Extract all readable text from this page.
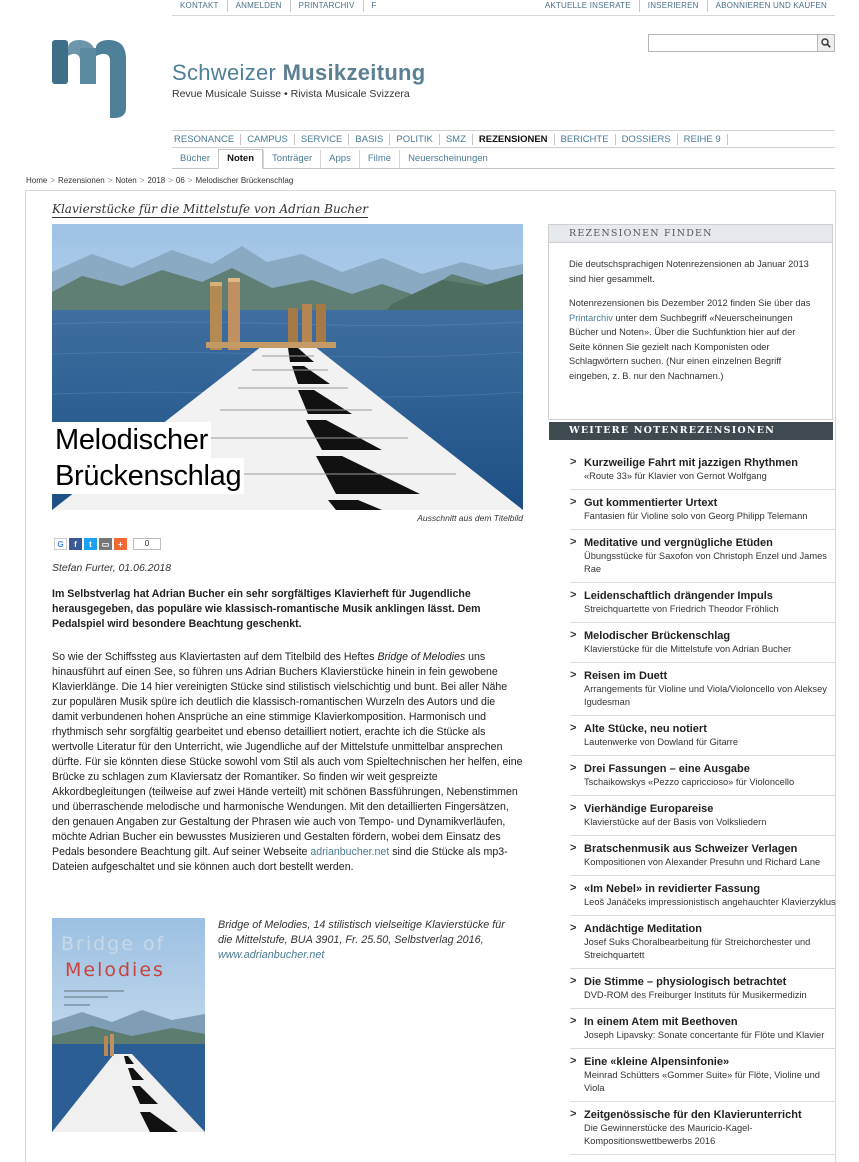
KONTAKT	ANMELDEN	PRINTARCHIV	F	AKTUELLE INSERATE	INSERIEREN	ABONNIEREN UND KAUFEN
Schweizer Musikzeitung
Revue Musicale Suisse • Rivista Musicale Svizzera
RESONANCE	CAMPUS	SERVICE	BASIS	POLITIK	SMZ	REZENSIONEN	BERICHTE	DOSSIERS	REIHE 9
Bücher	Noten	Tonträger	Apps	Filme	Neuerscheinungen
Home > Rezensionen > Noten > 2018 > 06 > Melodischer Brückenschlag
Klavierstücke für die Mittelstufe von Adrian Bucher
Melodischer
Brückenschlag
Ausschnitt aus dem Titelbild
G	f	t	▭	+	0
Stefan Furter, 01.06.2018
Im Selbstverlag hat Adrian Bucher ein sehr sorgfältiges Klavierheft für Jugendliche herausgegeben, das populäre wie klassisch-romantische Musik anklingen lässt. Dem Pedalspiel wird besondere Beachtung geschenkt.
So wie der Schiffssteg aus Klaviertasten auf dem Titelbild des Heftes Bridge of Melodies uns hinausführt auf einen See, so führen uns Adrian Buchers Klavierstücke hinein in fein gewobene Klavierklänge. Die 14 hier vereinigten Stücke sind stilistisch vielschichtig und bunt. Bei aller Nähe zur populären Musik spüre ich deutlich die klassisch-romantischen Wurzeln des Autors und die damit verbundenen hohen Ansprüche an eine stimmige Klavierkomposition. Harmonisch und rhythmisch sehr sorgfältig gearbeitet und ebenso detailliert notiert, erachte ich die Stücke als wertvolle Literatur für den Unterricht, wie Jugendliche auf der Mittelstufe unmittelbar ansprechen dürfte. Für sie könnten diese Stücke sowohl vom Stil als auch vom Spieltechnischen her helfen, eine Brücke zu schlagen zum Klaviersatz der Romantiker. So finden wir weit gespreizte Akkordbegleitungen (teilweise auf zwei Hände verteilt) mit schönen Bassführungen, Nebenstimmen und überraschende melodische und harmonische Wendungen. Mit den detaillierten Fingersätzen, den genauen Angaben zur Gestaltung der Phrasen wie auch von Tempo- und Dynamikverläufen, möchte Adrian Bucher ein bewusstes Musizieren und Gestalten fördern, wobei dem Einsatz des Pedals besondere Beachtung gilt. Auf seiner Webseite adrianbucher.net sind die Stücke als mp3-Dateien aufgeschaltet und sie können auch dort bestellt werden.
Bridge of
Melodies
Bridge of Melodies, 14 stilistisch vielseitige Klavierstücke für die Mittelstufe, BUA 3901, Fr. 25.50, Selbstverlag 2016, www.adrianbucher.net
REZENSIONEN FINDEN

Die deutschsprachigen Notenrezensionen ab Januar 2013 sind hier gesammelt.

Notenrezensionen bis Dezember 2012 finden Sie über das Printarchiv unter dem Suchbegriff «Neuerscheinungen Bücher und Noten». Über die Suchfunktion hier auf der Seite können Sie gezielt nach Komponisten oder Schlagwörtern suchen. (Nur einen einzelnen Begriff eingeben, z. B. nur den Nachnamen.)

WEITERE NOTENREZENSIONEN
> Kurzweilige Fahrt mit jazzigen Rhythmen
«Route 33» für Klavier von Gernot Wolfgang
> Gut kommentierter Urtext
Fantasien für Violine solo von Georg Philipp Telemann
> Meditative und vergnügliche Etüden
Übungsstücke für Saxofon von Christoph Enzel und James Rae
> Leidenschaftlich drängender Impuls
Streichquartette von Friedrich Theodor Fröhlich
> Melodischer Brückenschlag
Klavierstücke für die Mittelstufe von Adrian Bucher
> Reisen im Duett
Arrangements für Violine und Viola/Violoncello von Aleksey Igudesman
> Alte Stücke, neu notiert
Lautenwerke von Dowland für Gitarre
> Drei Fassungen – eine Ausgabe
Tschaikowskys «Pezzo capriccioso» für Violoncello
> Vierhändige Europareise
Klavierstücke auf der Basis von Volksliedern
> Bratschenmusik aus Schweizer Verlagen
Kompositionen von Alexander Presuhn und Richard Lane
> «Im Nebel» in revidierter Fassung
Leoš Janáčeks impressionistisch angehauchter Klavierzyklus
> Andächtige Meditation
Josef Suks Choralbearbeitung für Streichorchester und Streichquartett
> Die Stimme – physiologisch betrachtet
DVD-ROM des Freiburger Instituts für Musikermedizin
> In einem Atem mit Beethoven
Joseph Lipavsky: Sonate concertante für Flöte und Klavier
> Eine «kleine Alpensinfonie»
Meinrad Schütters «Gommer Suite» für Flöte, Violine und Viola
> Zeitgenössische für den Klavierunterricht
Die Gewinnerstücke des Mauricio-Kagel-Kompositionswettbewerbs 2016
